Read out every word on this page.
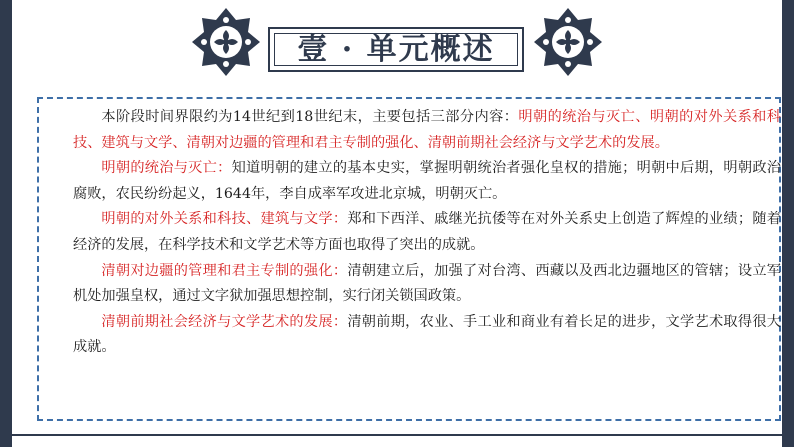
壹 · 单元概述

本阶段时间界限约为14世纪到18世纪末，主要包括三部分内容：明朝的统治与灭亡、明朝的对外关系和科技、建筑与文学、清朝对边疆的管理和君主专制的强化、清朝前期社会经济与文学艺术的发展。

明朝的统治与灭亡：知道明朝的建立的基本史实，掌握明朝统治者强化皇权的措施；明朝中后期，明朝政治腐败，农民纷纷起义，1644年，李自成率军攻进北京城，明朝灭亡。

明朝的对外关系和科技、建筑与文学：郑和下西洋、戚继光抗倭等在对外关系史上创造了辉煌的业绩；随着经济的发展，在科学技术和文学艺术等方面也取得了突出的成就。

清朝对边疆的管理和君主专制的强化：清朝建立后，加强了对台湾、西藏以及西北边疆地区的管辖；设立军机处加强皇权，通过文字狱加强思想控制，实行闭关锁国政策。

清朝前期社会经济与文学艺术的发展：清朝前期，农业、手工业和商业有着长足的进步，文学艺术取得很大成就。
